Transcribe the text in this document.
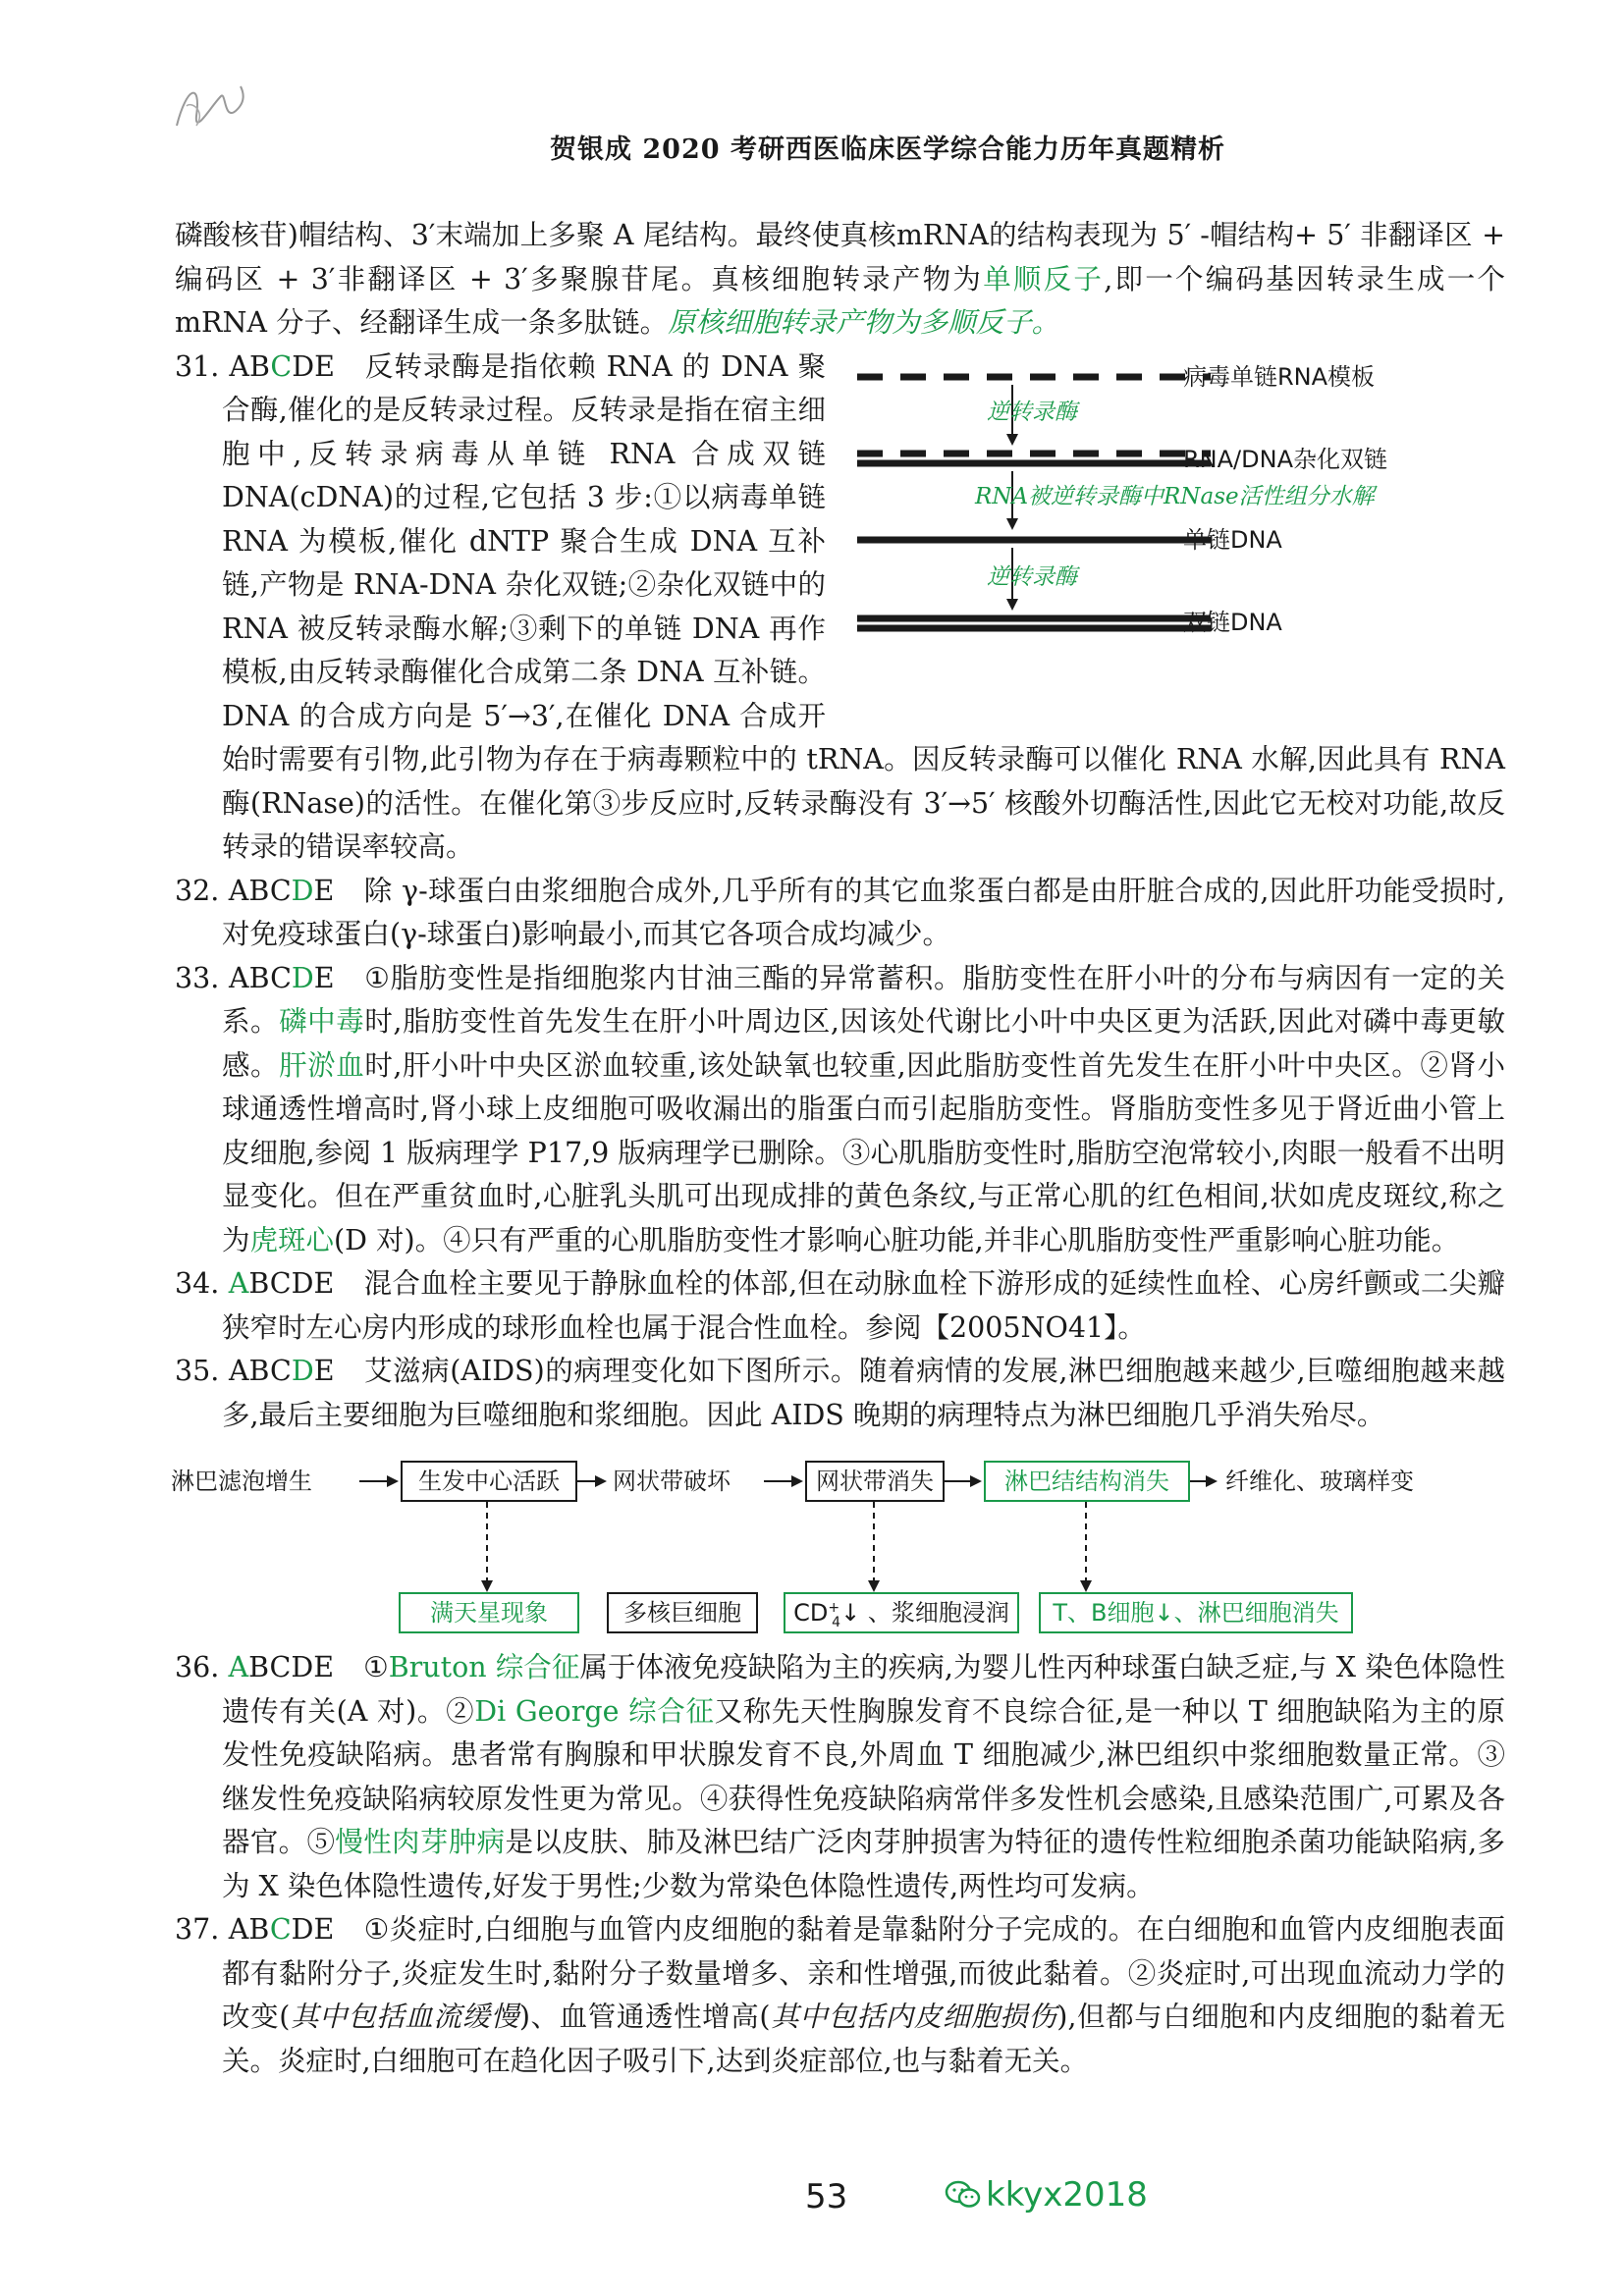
贺银成 2020 考研西医临床医学综合能力历年真题精析

磷酸核苷)帽结构、3′末端加上多聚 A 尾结构。最终使真核mRNA的结构表现为 5′ -帽结构+ 5′ 非翻译区 + 编码区 + 3′非翻译区 + 3′多聚腺苷尾。真核细胞转录产物为单顺反子,即一个编码基因转录生成一个 mRNA 分子、经翻译生成一条多肽链。原核细胞转录产物为多顺反子。

31. ABCDE	病毒单链RNA模板
逆转录酶
RNA/DNA杂化双链
RNA被逆转录酶中RNase活性组分水解
单链DNA
逆转录酶
双链DNA
反转录酶是指依赖 RNA 的 DNA 聚合酶,催化的是反转录过程。反转录是指在宿主细胞中,反转录病毒从单链 RNA 合成双链 DNA(cDNA)的过程,它包括 3 步:①以病毒单链 RNA 为模板,催化 dNTP 聚合生成 DNA 互补链,产物是 RNA-DNA 杂化双链;②杂化双链中的 RNA 被反转录酶水解;③剩下的单链 DNA 再作模板,由反转录酶催化合成第二条 DNA 互补链。DNA 的合成方向是 5′→3′,在催化 DNA 合成开始时需要有引物,此引物为存在于病毒颗粒中的 tRNA。因反转录酶可以催化 RNA 水解,因此具有 RNA 酶(RNase)的活性。在催化第③步反应时,反转录酶没有 3′→5′ 核酸外切酶活性,因此它无校对功能,故反转录的错误率较高。

32. ABCDE 除 γ-球蛋白由浆细胞合成外,几乎所有的其它血浆蛋白都是由肝脏合成的,因此肝功能受损时,对免疫球蛋白(γ-球蛋白)影响最小,而其它各项合成均减少。

33. ABCDE ①脂肪变性是指细胞浆内甘油三酯的异常蓄积。脂肪变性在肝小叶的分布与病因有一定的关系。磷中毒时,脂肪变性首先发生在肝小叶周边区,因该处代谢比小叶中央区更为活跃,因此对磷中毒更敏感。肝淤血时,肝小叶中央区淤血较重,该处缺氧也较重,因此脂肪变性首先发生在肝小叶中央区。②肾小球通透性增高时,肾小球上皮细胞可吸收漏出的脂蛋白而引起脂肪变性。肾脂肪变性多见于肾近曲小管上皮细胞,参阅 1 版病理学 P17,9 版病理学已删除。③心肌脂肪变性时,脂肪空泡常较小,肉眼一般看不出明显变化。但在严重贫血时,心脏乳头肌可出现成排的黄色条纹,与正常心肌的红色相间,状如虎皮斑纹,称之为虎斑心(D 对)。④只有严重的心肌脂肪变性才影响心脏功能,并非心肌脂肪变性严重影响心脏功能。

34. ABCDE 混合血栓主要见于静脉血栓的体部,但在动脉血栓下游形成的延续性血栓、心房纤颤或二尖瓣狭窄时左心房内形成的球形血栓也属于混合性血栓。参阅【2005NO41】。

35. ABCDE 艾滋病(AIDS)的病理变化如下图所示。随着病情的发展,淋巴细胞越来越少,巨噬细胞越来越多,最后主要细胞为巨噬细胞和浆细胞。因此 AIDS 晚期的病理特点为淋巴细胞几乎消失殆尽。

淋巴滤泡增生	生发中心活跃	网状带破坏	网状带消失	淋巴结结构消失	纤维化、玻璃样变
满天星现象	多核巨细胞	$CD^+_4↓$ 、浆细胞浸润	T、B细胞↓、淋巴细胞消失

36. ABCDE ①Bruton 综合征属于体液免疫缺陷为主的疾病,为婴儿性丙种球蛋白缺乏症,与 X 染色体隐性遗传有关(A 对)。②Di George 综合征又称先天性胸腺发育不良综合征,是一种以 T 细胞缺陷为主的原发性免疫缺陷病。患者常有胸腺和甲状腺发育不良,外周血 T 细胞减少,淋巴组织中浆细胞数量正常。③继发性免疫缺陷病较原发性更为常见。④获得性免疫缺陷病常伴多发性机会感染,且感染范围广,可累及各器官。⑤慢性肉芽肿病是以皮肤、肺及淋巴结广泛肉芽肿损害为特征的遗传性粒细胞杀菌功能缺陷病,多为 X 染色体隐性遗传,好发于男性;少数为常染色体隐性遗传,两性均可发病。

37. ABCDE ①炎症时,白细胞与血管内皮细胞的黏着是靠黏附分子完成的。在白细胞和血管内皮细胞表面都有黏附分子,炎症发生时,黏附分子数量增多、亲和性增强,而彼此黏着。②炎症时,可出现血流动力学的改变(其中包括血流缓慢)、血管通透性增高(其中包括内皮细胞损伤),但都与白细胞和内皮细胞的黏着无关。炎症时,白细胞可在趋化因子吸引下,达到炎症部位,也与黏着无关。

53	kkyx2018
